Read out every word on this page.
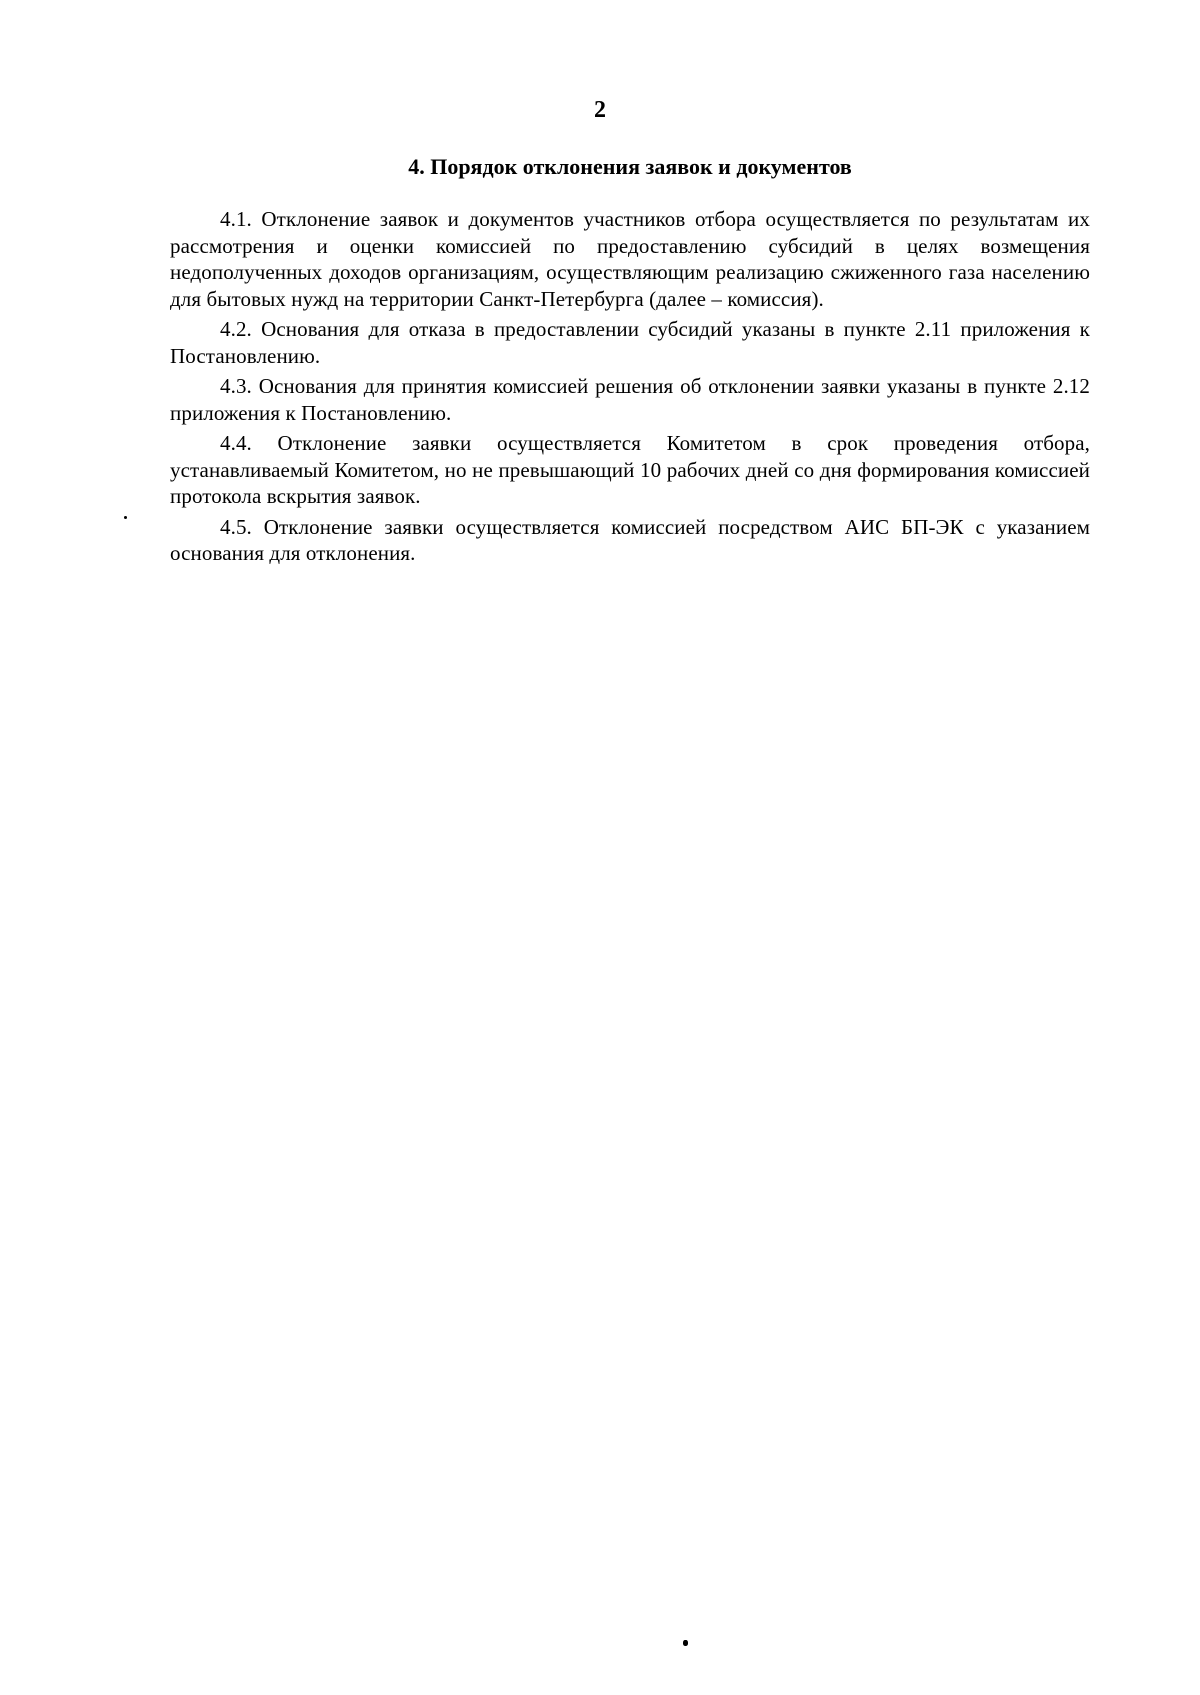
2
4. Порядок отклонения заявок и документов

4.1. Отклонение заявок и документов участников отбора осуществляется по результатам их рассмотрения и оценки комиссией по предоставлению субсидий в целях возмещения недополученных доходов организациям, осуществляющим реализацию сжиженного газа населению для бытовых нужд на территории Санкт-Петербурга (далее – комиссия).

4.2. Основания для отказа в предоставлении субсидий указаны в пункте 2.11 приложения к Постановлению.

4.3. Основания для принятия комиссией решения об отклонении заявки указаны в пункте 2.12 приложения к Постановлению.

4.4. Отклонение заявки осуществляется Комитетом в срок проведения отбора, устанавливаемый Комитетом, но не превышающий 10 рабочих дней со дня формирования комиссией протокола вскрытия заявок.

4.5. Отклонение заявки осуществляется комиссией посредством АИС БП-ЭК с указанием основания для отклонения.
